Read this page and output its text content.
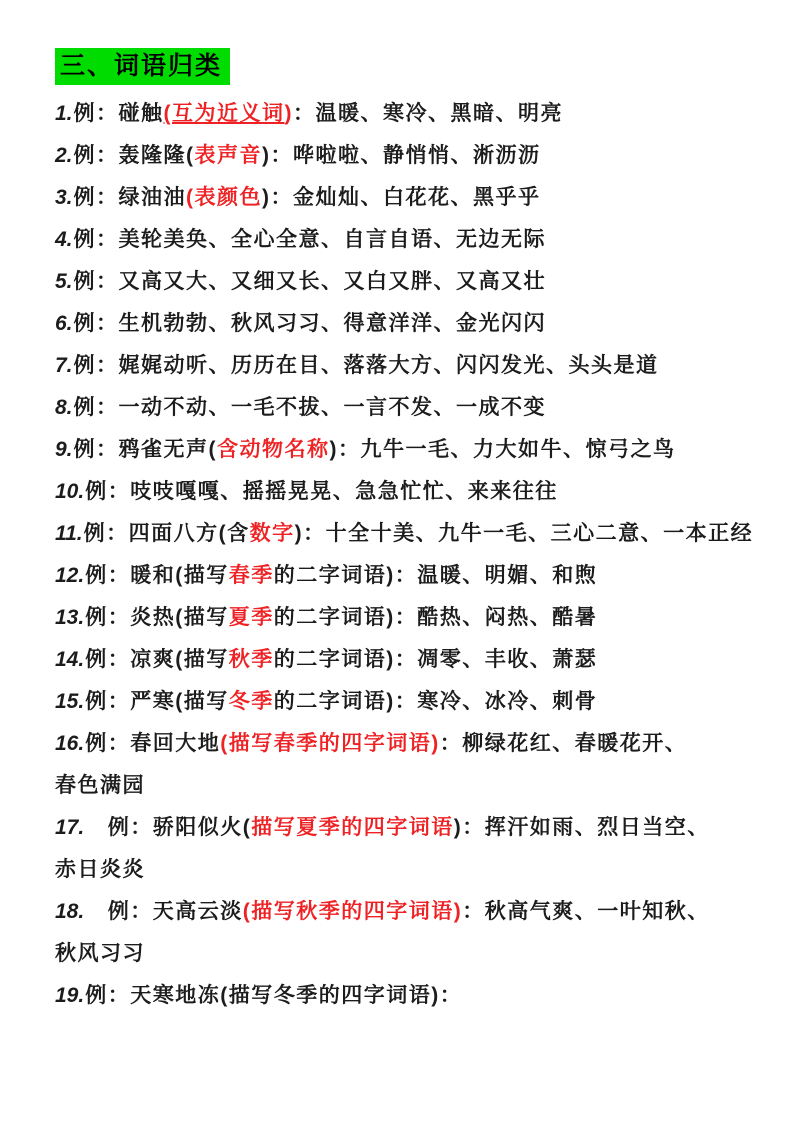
三、词语归类

1.例：碰触(互为近义词)：温暖、寒冷、黑暗、明亮

2.例：轰隆隆(表声音)：哗啦啦、静悄悄、淅沥沥

3.例：绿油油(表颜色)：金灿灿、白花花、黑乎乎

4.例：美轮美奂、全心全意、自言自语、无边无际

5.例：又高又大、又细又长、又白又胖、又高又壮

6.例：生机勃勃、秋风习习、得意洋洋、金光闪闪

7.例：娓娓动听、历历在目、落落大方、闪闪发光、头头是道

8.例：一动不动、一毛不拔、一言不发、一成不变

9.例：鸦雀无声(含动物名称)：九牛一毛、力大如牛、惊弓之鸟

10.例：吱吱嘎嘎、摇摇晃晃、急急忙忙、来来往往

11.例：四面八方(含数字)：十全十美、九牛一毛、三心二意、一本正经

12.例：暖和(描写春季的二字词语)：温暖、明媚、和煦

13.例：炎热(描写夏季的二字词语)：酷热、闷热、酷暑

14.例：凉爽(描写秋季的二字词语)：凋零、丰收、萧瑟

15.例：严寒(描写冬季的二字词语)：寒冷、冰冷、刺骨

16.例：春回大地(描写春季的四字词语)：柳绿花红、春暖花开、

春色满园

17.　例：骄阳似火(描写夏季的四字词语)：挥汗如雨、烈日当空、

赤日炎炎

18.　例：天高云淡(描写秋季的四字词语)：秋高气爽、一叶知秋、

秋风习习

19.例：天寒地冻(描写冬季的四字词语)：
